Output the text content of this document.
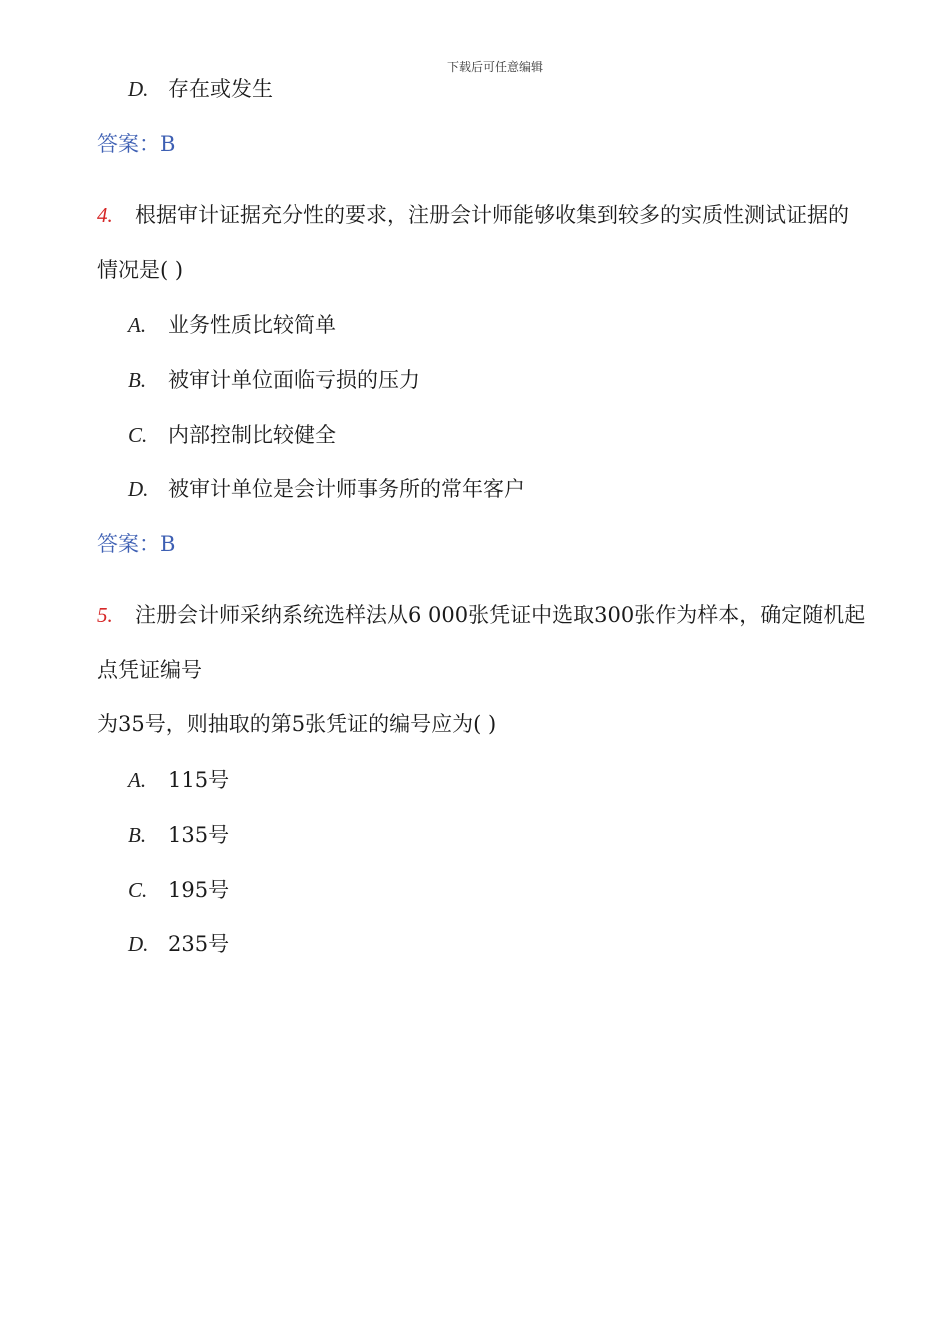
下载后可任意编辑
D. 存在或发生
答案：B
4. 根据审计证据充分性的要求，注册会计师能够收集到较多的实质性测试证据的
情况是( )
A. 业务性质比较简单
B. 被审计单位面临亏损的压力
C. 内部控制比较健全
D. 被审计单位是会计师事务所的常年客户
答案：B
5. 注册会计师采纳系统选样法从6 000张凭证中选取300张作为样本，确定随机起
点凭证编号
为35号，则抽取的第5张凭证的编号应为( )
A. 115号
B. 135号
C. 195号
D. 235号
